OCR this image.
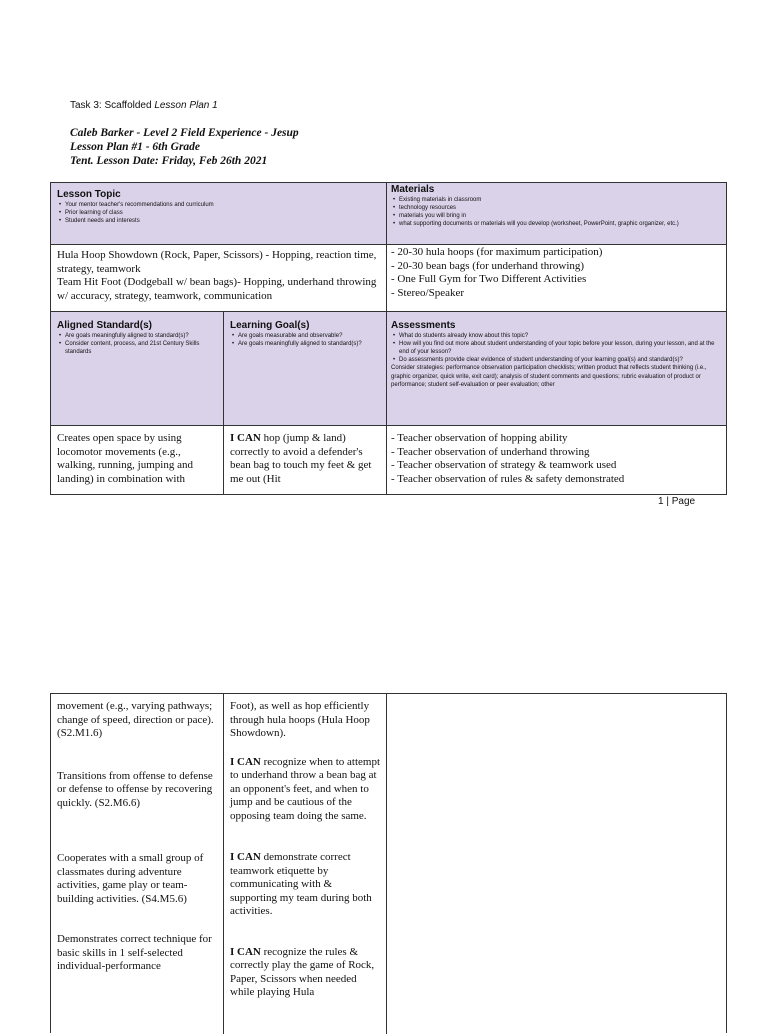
Task 3: Scaffolded Lesson Plan 1
Caleb Barker - Level 2 Field Experience - Jesup
Lesson Plan #1 - 6th Grade
Tent. Lesson Date: Friday, Feb 26th 2021
Lesson Topic
• Your mentor teacher's recommendations and curriculum
• Prior learning of class
• Student needs and interests
Materials
• Existing materials in classroom
• technology resources
• materials you will bring in
• what supporting documents or materials will you develop (worksheet, PowerPoint, graphic organizer, etc.)
Hula Hoop Showdown (Rock, Paper, Scissors) - Hopping, reaction time, strategy, teamwork
Team Hit Foot (Dodgeball w/ bean bags)- Hopping, underhand throwing w/ accuracy, strategy, teamwork, communication
- 20-30 hula hoops (for maximum participation)
- 20-30 bean bags (for underhand throwing)
- One Full Gym for Two Different Activities
- Stereo/Speaker
Aligned Standard(s)
• Are goals meaningfully aligned to standard(s)?
• Consider content, process, and 21st Century Skills standards
Learning Goal(s)
• Are goals measurable and observable?
• Are goals meaningfully aligned to standard(s)?
Assessments
• What do students already know about this topic?
• How will you find out more about student understanding of your topic before your lesson, during your lesson, and at the end of your lesson?
• Do assessments provide clear evidence of student understanding of your learning goal(s) and standard(s)?
Consider strategies: performance observation participation checklists; written product that reflects student thinking (i.e., graphic organizer, quick write, exit card); analysis of student comments and questions; rubric evaluation of product or performance; student self-evaluation or peer evaluation; other
Creates open space by using locomotor movements (e.g., walking, running, jumping and landing) in combination with
I CAN hop (jump & land) correctly to avoid a defender's bean bag to touch my feet & get me out (Hit
- Teacher observation of hopping ability
- Teacher observation of underhand throwing
- Teacher observation of strategy & teamwork used
- Teacher observation of rules & safety demonstrated
1 | Page
movement (e.g., varying pathways; change of speed, direction or pace). (S2.M1.6)
Transitions from offense to defense or defense to offense by recovering quickly. (S2.M6.6)
Cooperates with a small group of classmates during adventure activities, game play or team-building activities. (S4.M5.6)
Demonstrates correct technique for basic skills in 1 self-selected individual-performance
Foot), as well as hop efficiently through hula hoops (Hula Hoop Showdown).
I CAN recognize when to attempt to underhand throw a bean bag at an opponent's feet, and when to jump and be cautious of the opposing team doing the same.
I CAN demonstrate correct teamwork etiquette by communicating with & supporting my team during both activities.
I CAN recognize the rules & correctly play the game of Rock, Paper, Scissors when needed while playing Hula
